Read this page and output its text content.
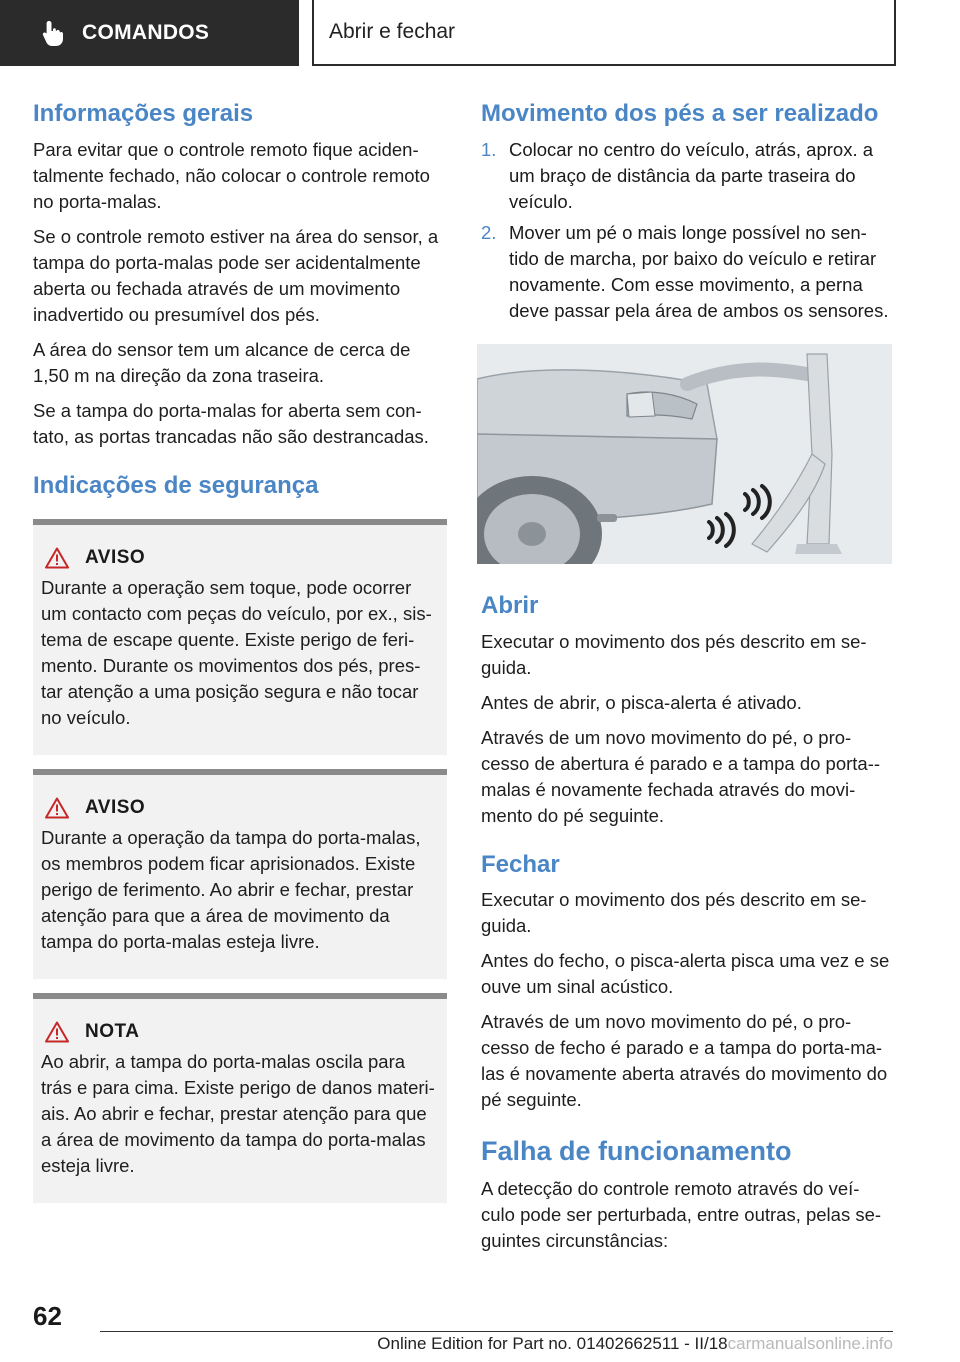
COMANDOS	Abrir e fechar
Informações gerais

Para evitar que o controle remoto fique aciden-talmente fechado, não colocar o controle remoto no porta-malas.

Se o controle remoto estiver na área do sensor, a tampa do porta-malas pode ser acidentalmente aberta ou fechada através de um movimento inadvertido ou presumível dos pés.

A área do sensor tem um alcance de cerca de 1,50 m na direção da zona traseira.

Se a tampa do porta-malas for aberta sem con-tato, as portas trancadas não são destrancadas.

Indicações de segurança
AVISO

Durante a operação sem toque, pode ocorrer um contacto com peças do veículo, por ex., sis-tema de escape quente. Existe perigo de feri-mento. Durante os movimentos dos pés, pres-tar atenção a uma posição segura e não tocar no veículo.

AVISO

Durante a operação da tampa do porta-malas, os membros podem ficar aprisionados. Existe perigo de ferimento. Ao abrir e fechar, prestar atenção para que a área de movimento da tampa do porta-malas esteja livre.

NOTA

Ao abrir, a tampa do porta-malas oscila para trás e para cima. Existe perigo de danos materi-ais. Ao abrir e fechar, prestar atenção para que a área de movimento da tampa do porta-malas esteja livre.

Movimento dos pés a ser realizado
1. Colocar no centro do veículo, atrás, aprox. a um braço de distância da parte traseira do veículo.
2. Mover um pé o mais longe possível no sen-tido de marcha, por baixo do veículo e retirar novamente. Com esse movimento, a perna deve passar pela área de ambos os sensores.
Abrir

Executar o movimento dos pés descrito em se-guida.

Antes de abrir, o pisca-alerta é ativado.

Através de um novo movimento do pé, o pro-cesso de abertura é parado e a tampa do porta--malas é novamente fechada através do movi-mento do pé seguinte.

Fechar

Executar o movimento dos pés descrito em se-guida.

Antes do fecho, o pisca-alerta pisca uma vez e se ouve um sinal acústico.

Através de um novo movimento do pé, o pro-cesso de fecho é parado e a tampa do porta-ma-las é novamente aberta através do movimento do pé seguinte.

Falha de funcionamento

A detecção do controle remoto através do veí-culo pode ser perturbada, entre outras, pelas se-guintes circunstâncias:

62
Online Edition for Part no. 01402662511 - II/18carmanualsonline.info
